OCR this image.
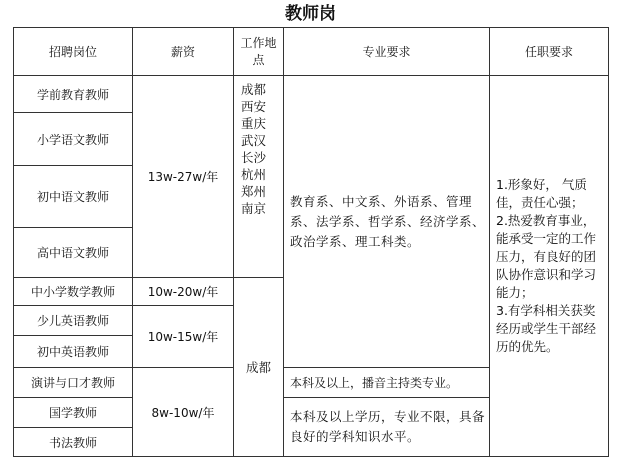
教师岗
招聘岗位	薪资	工作地点	专业要求	任职要求
学前教育教师	13w-27w/年	成都西安重庆武汉长沙杭州郑州南京	教育系、中文系、外语系、管理系、法学系、哲学系、经济学系、政治学系、理工科类。	1.形象好， 气质佳，责任心强；
2.热爱教育事业，能承受一定的工作压力，有良好的团队协作意识和学习能力；
3.有学科相关获奖经历或学生干部经历的优先。
小学语文教师				
初中语文教师				
高中语文教师				
中小学数学教师	10w-20w/年	成都		
少儿英语教师	10w-15w/年			
初中英语教师				
演讲与口才教师	8w-10w/年		本科及以上，播音主持类专业。	
国学教师			本科及以上学历，专业不限，具备良好的学科知识水平。	
书法教师				
